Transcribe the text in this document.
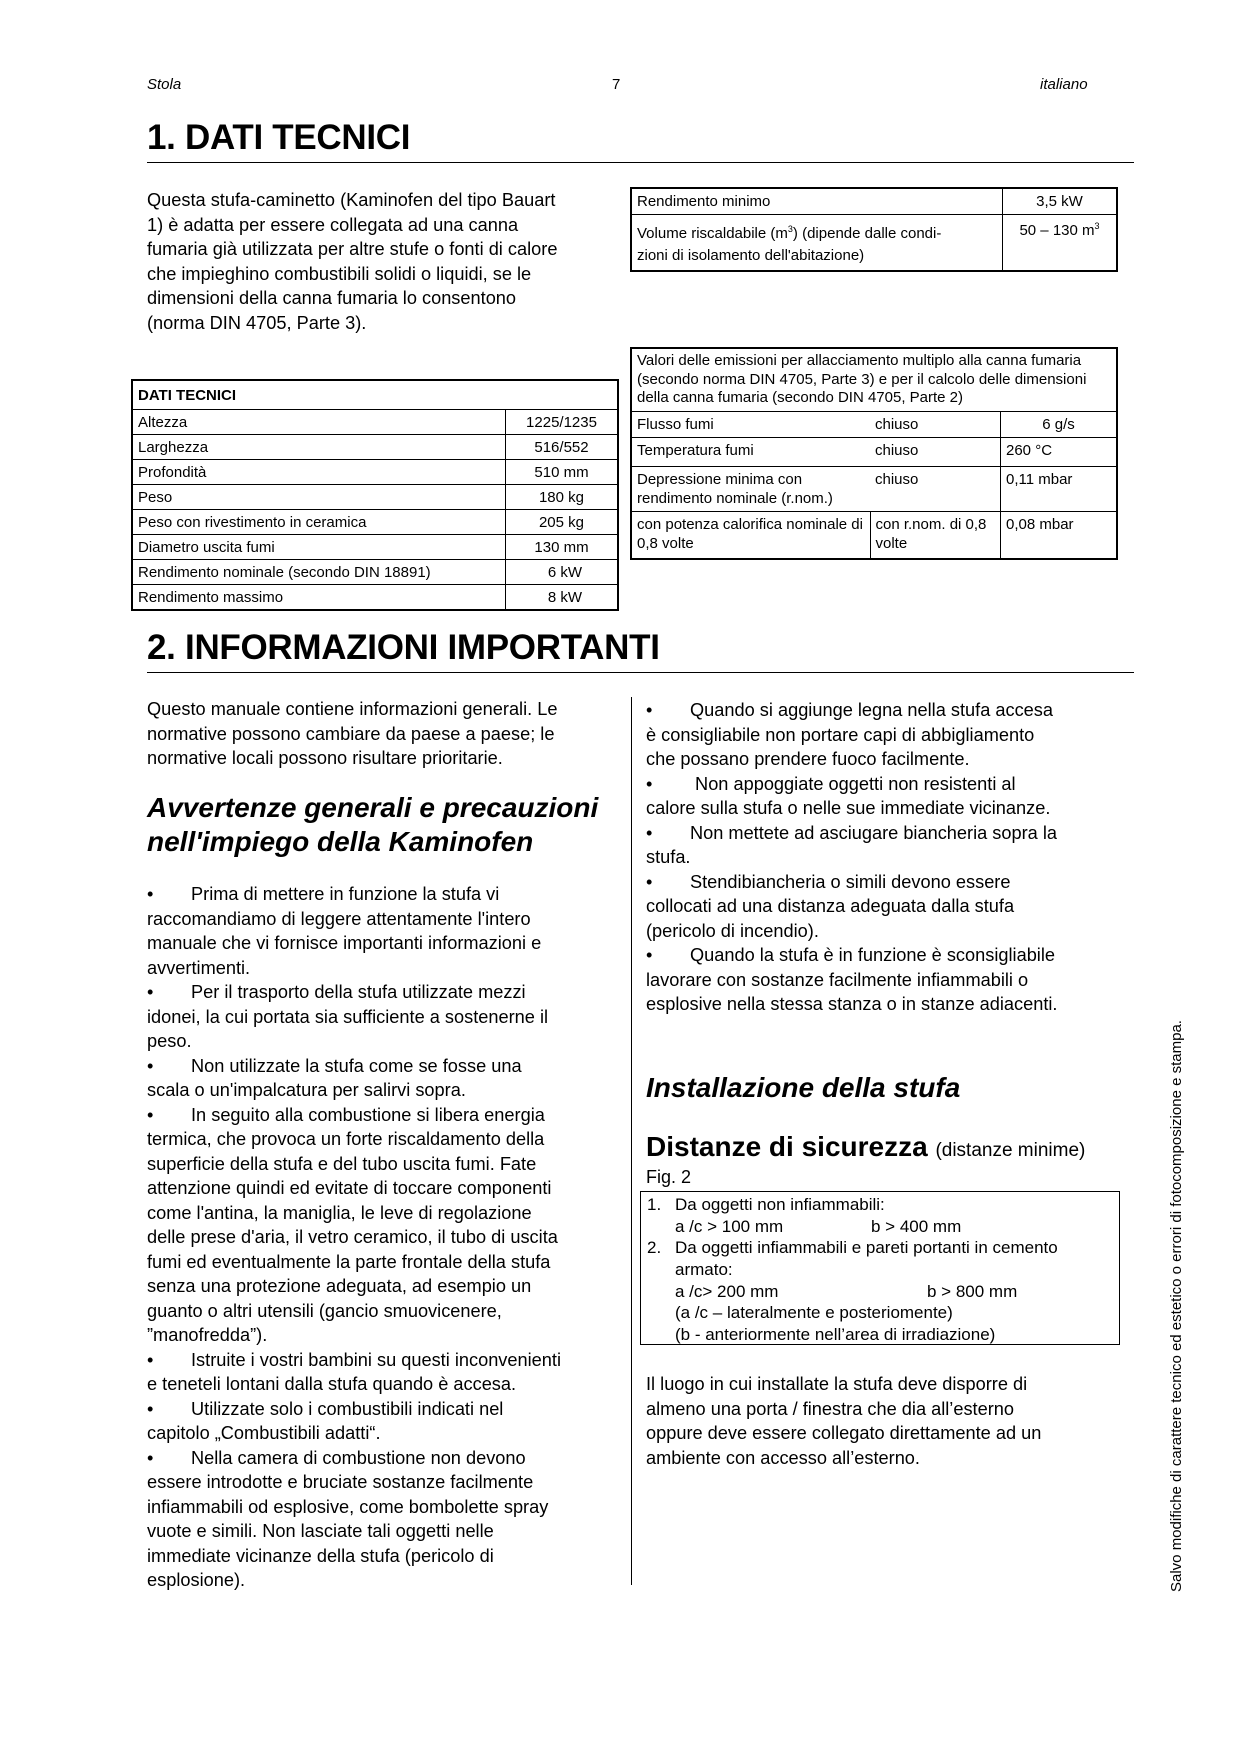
Stola	7	italiano
1. DATI TECNICI
Questa stufa-caminetto (Kaminofen del tipo Bauart
1) è adatta per essere collegata ad una canna
fumaria già utilizzata per altre stufe o fonti di calore
che impieghino combustibili solidi o liquidi, se le
dimensioni della canna fumaria lo consentono
(norma DIN 4705, Parte 3).
Rendimento minimo	3,5 kW
Volume riscaldabile $(m^3)$ (dipende dalle condi-
zioni di isolamento dell'abitazione)	50 – 130 $m^3$
DATI TECNICI	
Altezza	1225/1235
Larghezza	516/552
Profondità	510 mm
Peso	180 kg
Peso con rivestimento in ceramica	205 kg
Diametro uscita fumi	130 mm
Rendimento nominale (secondo DIN 18891)	6 kW
Rendimento massimo	8 kW
Valori delle emissioni per allacciamento multiplo alla canna fumaria (secondo norma DIN 4705, Parte 3) e per il calcolo delle dimensioni della canna fumaria (secondo DIN 4705, Parte 2)		
Flusso fumi	chiuso	6 g/s
Temperatura fumi	chiuso	260 °C
Depressione minima con rendimento nominale (r.nom.)	chiuso	0,11 mbar
con potenza calorifica nominale di 0,8 volte	con r.nom. di 0,8 volte	0,08 mbar
2. INFORMAZIONI IMPORTANTI
Questo manuale contiene informazioni generali. Le
normative possono cambiare da paese a paese; le
normative locali possono risultare prioritarie.
Avvertenze generali e precauzioni
nell'impiego della Kaminofen
• Prima di mettere in funzione la stufa vi
raccomandiamo di leggere attentamente l'intero
manuale che vi fornisce importanti informazioni e
avvertimenti.
• Per il trasporto della stufa utilizzate mezzi
idonei, la cui portata sia sufficiente a sostenerne il
peso.
• Non utilizzate la stufa come se fosse una
scala o un'impalcatura per salirvi sopra.
• In seguito alla combustione si libera energia
termica, che provoca un forte riscaldamento della
superficie della stufa e del tubo uscita fumi. Fate
attenzione quindi ed evitate di toccare componenti
come l'antina, la maniglia, le leve di regolazione
delle prese d'aria, il vetro ceramico, il tubo di uscita
fumi ed eventualmente la parte frontale della stufa
senza una protezione adeguata, ad esempio un
guanto o altri utensili (gancio smuovicenere,
”manofredda”).
• Istruite i vostri bambini su questi inconvenienti
e teneteli lontani dalla stufa quando è accesa.
• Utilizzate solo i combustibili indicati nel
capitolo „Combustibili adatti“.
• Nella camera di combustione non devono
essere introdotte e bruciate sostanze facilmente
infiammabili od esplosive, come bombolette spray
vuote e simili. Non lasciate tali oggetti nelle
immediate vicinanze della stufa (pericolo di
esplosione).
• Quando si aggiunge legna nella stufa accesa
è consigliabile non portare capi di abbigliamento
che possano prendere fuoco facilmente.
• Non appoggiate oggetti non resistenti al
calore sulla stufa o nelle sue immediate vicinanze.
• Non mettete ad asciugare biancheria sopra la
stufa.
• Stendibiancheria o simili devono essere
collocati ad una distanza adeguata dalla stufa
(pericolo di incendio).
• Quando la stufa è in funzione è sconsigliabile
lavorare con sostanze facilmente infiammabili o
esplosive nella stessa stanza o in stanze adiacenti.
Installazione della stufa
Distanze di sicurezza (distanze minime)
Fig. 2
1. Da oggetti non infiammabili:
a /c > 100 mm	b > 400 mm
2. Da oggetti infiammabili e pareti portanti in cemento
armato:
a /c> 200 mm	b > 800 mm
(a /c – lateralmente e posteriomente)
(b - anteriormente nell’area di irradiazione)
Il luogo in cui installate la stufa deve disporre di
almeno una porta / finestra che dia all’esterno
oppure deve essere collegato direttamente ad un
ambiente con accesso all’esterno.	Salvo modifiche di carattere tecnico ed estetico o errori di fotocomposizione e stampa.
